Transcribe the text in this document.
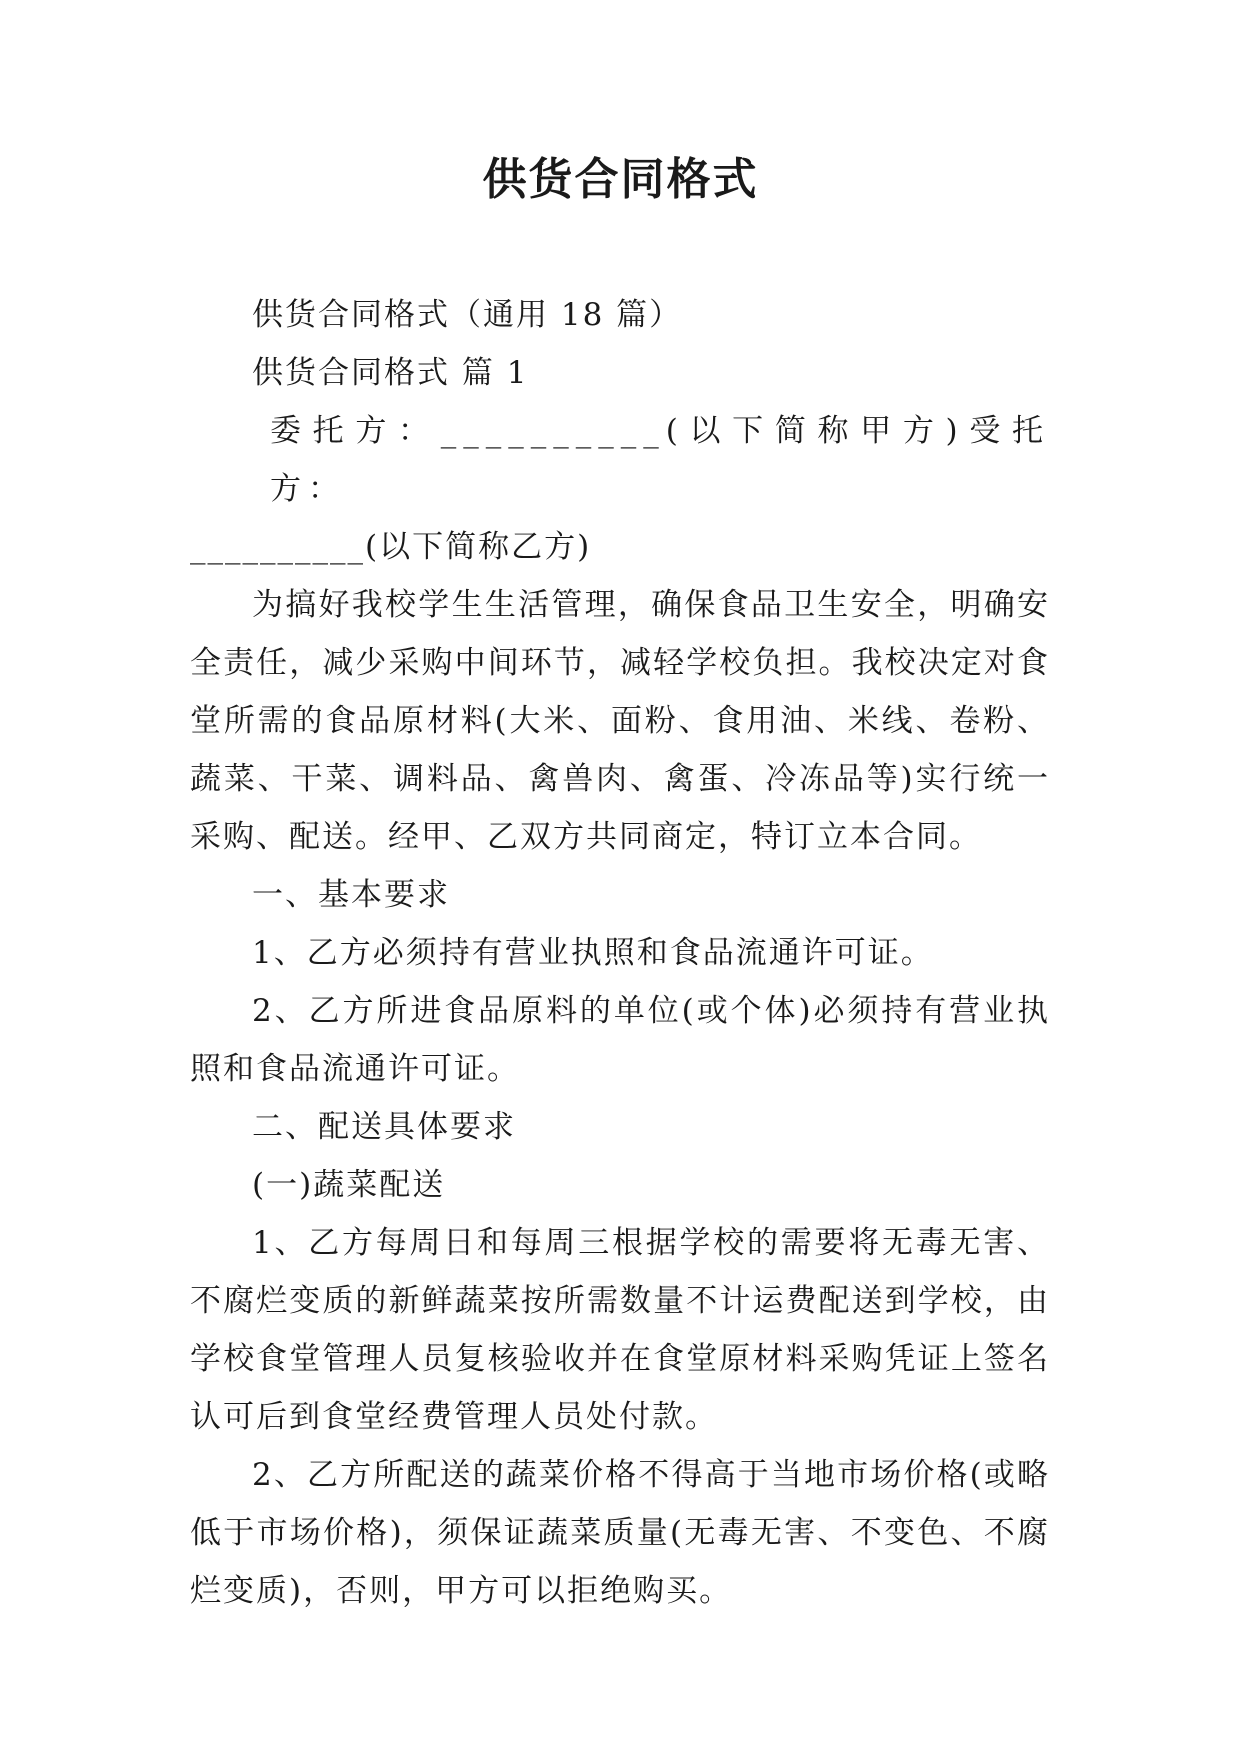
供货合同格式

供货合同格式（通用 18 篇）

供货合同格式 篇 1

委托方：__________(以下简称甲方)受托方：

__________(以下简称乙方)

为搞好我校学生生活管理，确保食品卫生安全，明确安全责任，减少采购中间环节，减轻学校负担。我校决定对食堂所需的食品原材料(大米、面粉、食用油、米线、卷粉、蔬菜、干菜、调料品、禽兽肉、禽蛋、冷冻品等)实行统一采购、配送。经甲、乙双方共同商定，特订立本合同。

一、基本要求

1、乙方必须持有营业执照和食品流通许可证。

2、乙方所进食品原料的单位(或个体)必须持有营业执照和食品流通许可证。

二、配送具体要求

(一)蔬菜配送

1、乙方每周日和每周三根据学校的需要将无毒无害、不腐烂变质的新鲜蔬菜按所需数量不计运费配送到学校，由学校食堂管理人员复核验收并在食堂原材料采购凭证上签名认可后到食堂经费管理人员处付款。

2、乙方所配送的蔬菜价格不得高于当地市场价格(或略低于市场价格)，须保证蔬菜质量(无毒无害、不变色、不腐烂变质)，否则，甲方可以拒绝购买。
